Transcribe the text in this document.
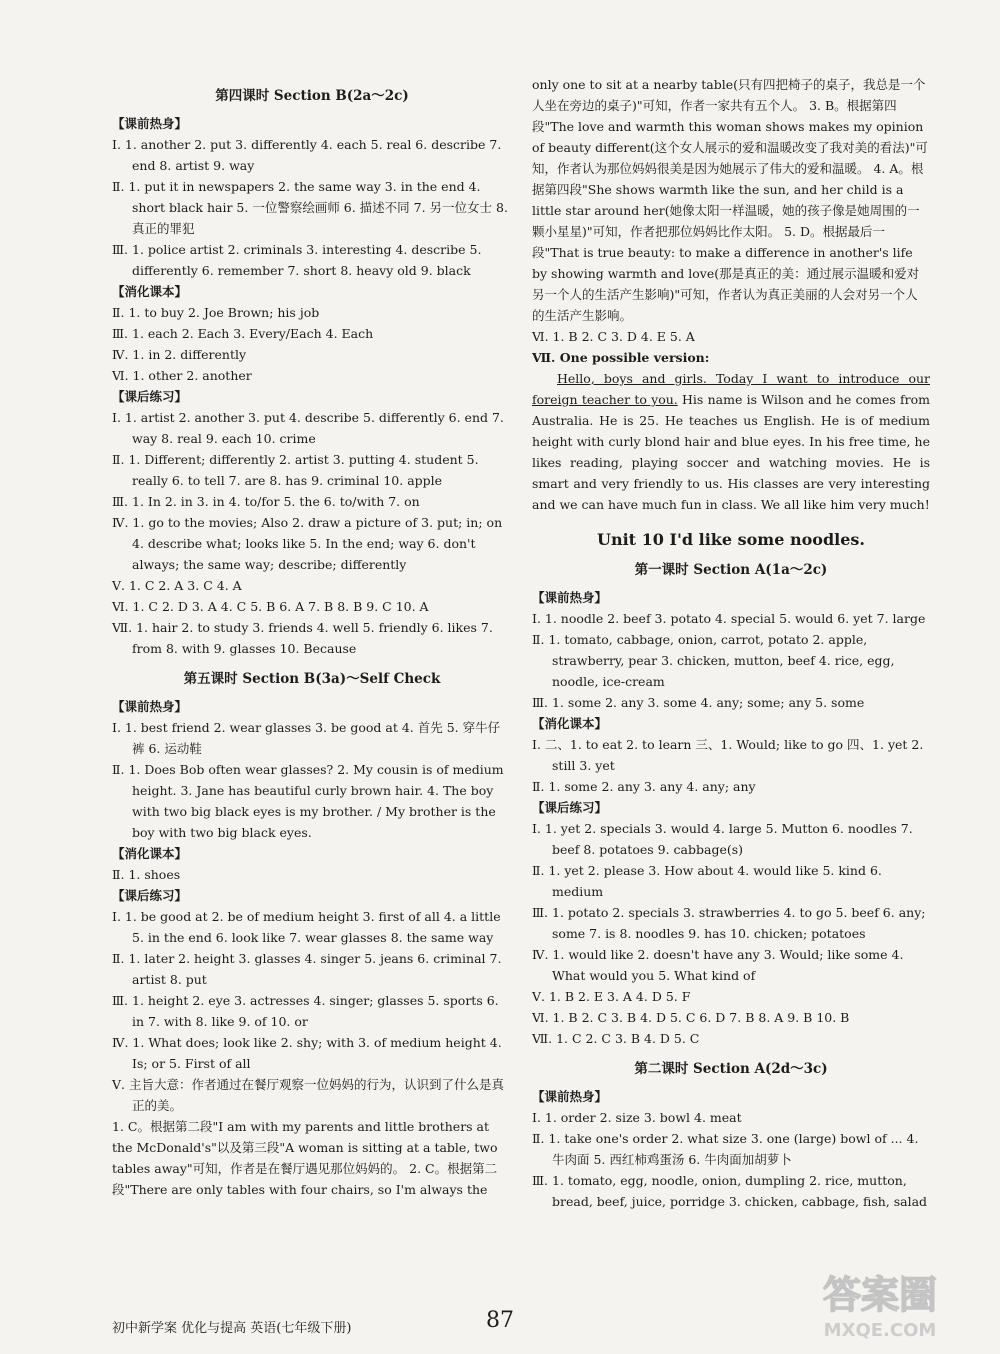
第四课时 Section B(2a～2c)
【课前热身】
Ⅰ. 1. another 2. put 3. differently 4. each 5. real 6. describe 7. end 8. artist 9. way
Ⅱ. 1. put it in newspapers 2. the same way 3. in the end 4. short black hair 5. 一位警察绘画师 6. 描述不同 7. 另一位女士 8. 真正的罪犯
Ⅲ. 1. police artist 2. criminals 3. interesting 4. describe 5. differently 6. remember 7. short 8. heavy old 9. black
【消化课本】
Ⅱ. 1. to buy 2. Joe Brown; his job
Ⅲ. 1. each 2. Each 3. Every/Each 4. Each
Ⅳ. 1. in 2. differently
Ⅵ. 1. other 2. another
【课后练习】
Ⅰ. 1. artist 2. another 3. put 4. describe 5. differently 6. end 7. way 8. real 9. each 10. crime
Ⅱ. 1. Different; differently 2. artist 3. putting 4. student 5. really 6. to tell 7. are 8. has 9. criminal 10. apple
Ⅲ. 1. In 2. in 3. in 4. to/for 5. the 6. to/with 7. on
Ⅳ. 1. go to the movies; Also 2. draw a picture of 3. put; in; on 4. describe what; looks like 5. In the end; way 6. don't always; the same way; describe; differently
Ⅴ. 1. C 2. A 3. C 4. A
Ⅵ. 1. C 2. D 3. A 4. C 5. B 6. A 7. B 8. B 9. C 10. A
Ⅶ. 1. hair 2. to study 3. friends 4. well 5. friendly 6. likes 7. from 8. with 9. glasses 10. Because
第五课时 Section B(3a)～Self Check
【课前热身】
Ⅰ. 1. best friend 2. wear glasses 3. be good at 4. 首先 5. 穿牛仔裤 6. 运动鞋
Ⅱ. 1. Does Bob often wear glasses? 2. My cousin is of medium height. 3. Jane has beautiful curly brown hair. 4. The boy with two big black eyes is my brother. / My brother is the boy with two big black eyes.
【消化课本】
Ⅱ. 1. shoes
【课后练习】
Ⅰ. 1. be good at 2. be of medium height 3. first of all 4. a little 5. in the end 6. look like 7. wear glasses 8. the same way
Ⅱ. 1. later 2. height 3. glasses 4. singer 5. jeans 6. criminal 7. artist 8. put
Ⅲ. 1. height 2. eye 3. actresses 4. singer; glasses 5. sports 6. in 7. with 8. like 9. of 10. or
Ⅳ. 1. What does; look like 2. shy; with 3. of medium height 4. Is; or 5. First of all
Ⅴ. 主旨大意：作者通过在餐厅观察一位妈妈的行为，认识到了什么是真正的美。
1. C。根据第二段"I am with my parents and little brothers at the McDonald's"以及第三段"A woman is sitting at a table, two tables away"可知，作者是在餐厅遇见那位妈妈的。 2. C。根据第二段"There are only tables with four chairs, so I'm always the
only one to sit at a nearby table(只有四把椅子的桌子，我总是一个人坐在旁边的桌子)"可知，作者一家共有五个人。 3. B。根据第四段"The love and warmth this woman shows makes my opinion of beauty different(这个女人展示的爱和温暖改变了我对美的看法)"可知，作者认为那位妈妈很美是因为她展示了伟大的爱和温暖。 4. A。根据第四段"She shows warmth like the sun, and her child is a little star around her(她像太阳一样温暖，她的孩子像是她周围的一颗小星星)"可知，作者把那位妈妈比作太阳。 5. D。根据最后一段"That is true beauty: to make a difference in another's life by showing warmth and love(那是真正的美：通过展示温暖和爱对另一个人的生活产生影响)"可知，作者认为真正美丽的人会对另一个人的生活产生影响。
Ⅵ. 1. B 2. C 3. D 4. E 5. A
Ⅶ. One possible version:
Hello, boys and girls. Today I want to introduce our foreign teacher to you. His name is Wilson and he comes from Australia. He is 25. He teaches us English. He is of medium height with curly blond hair and blue eyes. In his free time, he likes reading, playing soccer and watching movies. He is smart and very friendly to us. His classes are very interesting and we can have much fun in class. We all like him very much!
Unit 10 I'd like some noodles.
第一课时 Section A(1a～2c)
【课前热身】
Ⅰ. 1. noodle 2. beef 3. potato 4. special 5. would 6. yet 7. large
Ⅱ. 1. tomato, cabbage, onion, carrot, potato 2. apple, strawberry, pear 3. chicken, mutton, beef 4. rice, egg, noodle, ice-cream
Ⅲ. 1. some 2. any 3. some 4. any; some; any 5. some
【消化课本】
Ⅰ. 二、1. to eat 2. to learn 三、1. Would; like to go 四、1. yet 2. still 3. yet
Ⅱ. 1. some 2. any 3. any 4. any; any
【课后练习】
Ⅰ. 1. yet 2. specials 3. would 4. large 5. Mutton 6. noodles 7. beef 8. potatoes 9. cabbage(s)
Ⅱ. 1. yet 2. please 3. How about 4. would like 5. kind 6. medium
Ⅲ. 1. potato 2. specials 3. strawberries 4. to go 5. beef 6. any; some 7. is 8. noodles 9. has 10. chicken; potatoes
Ⅳ. 1. would like 2. doesn't have any 3. Would; like some 4. What would you 5. What kind of
Ⅴ. 1. B 2. E 3. A 4. D 5. F
Ⅵ. 1. B 2. C 3. B 4. D 5. C 6. D 7. B 8. A 9. B 10. B
Ⅶ. 1. C 2. C 3. B 4. D 5. C
第二课时 Section A(2d～3c)
【课前热身】
Ⅰ. 1. order 2. size 3. bowl 4. meat
Ⅱ. 1. take one's order 2. what size 3. one (large) bowl of ... 4. 牛肉面 5. 西红柿鸡蛋汤 6. 牛肉面加胡萝卜
Ⅲ. 1. tomato, egg, noodle, onion, dumpling 2. rice, mutton, bread, beef, juice, porridge 3. chicken, cabbage, fish, salad
初中新学案 优化与提高 英语(七年级下册)	87
答案圈
MXQE.COM
